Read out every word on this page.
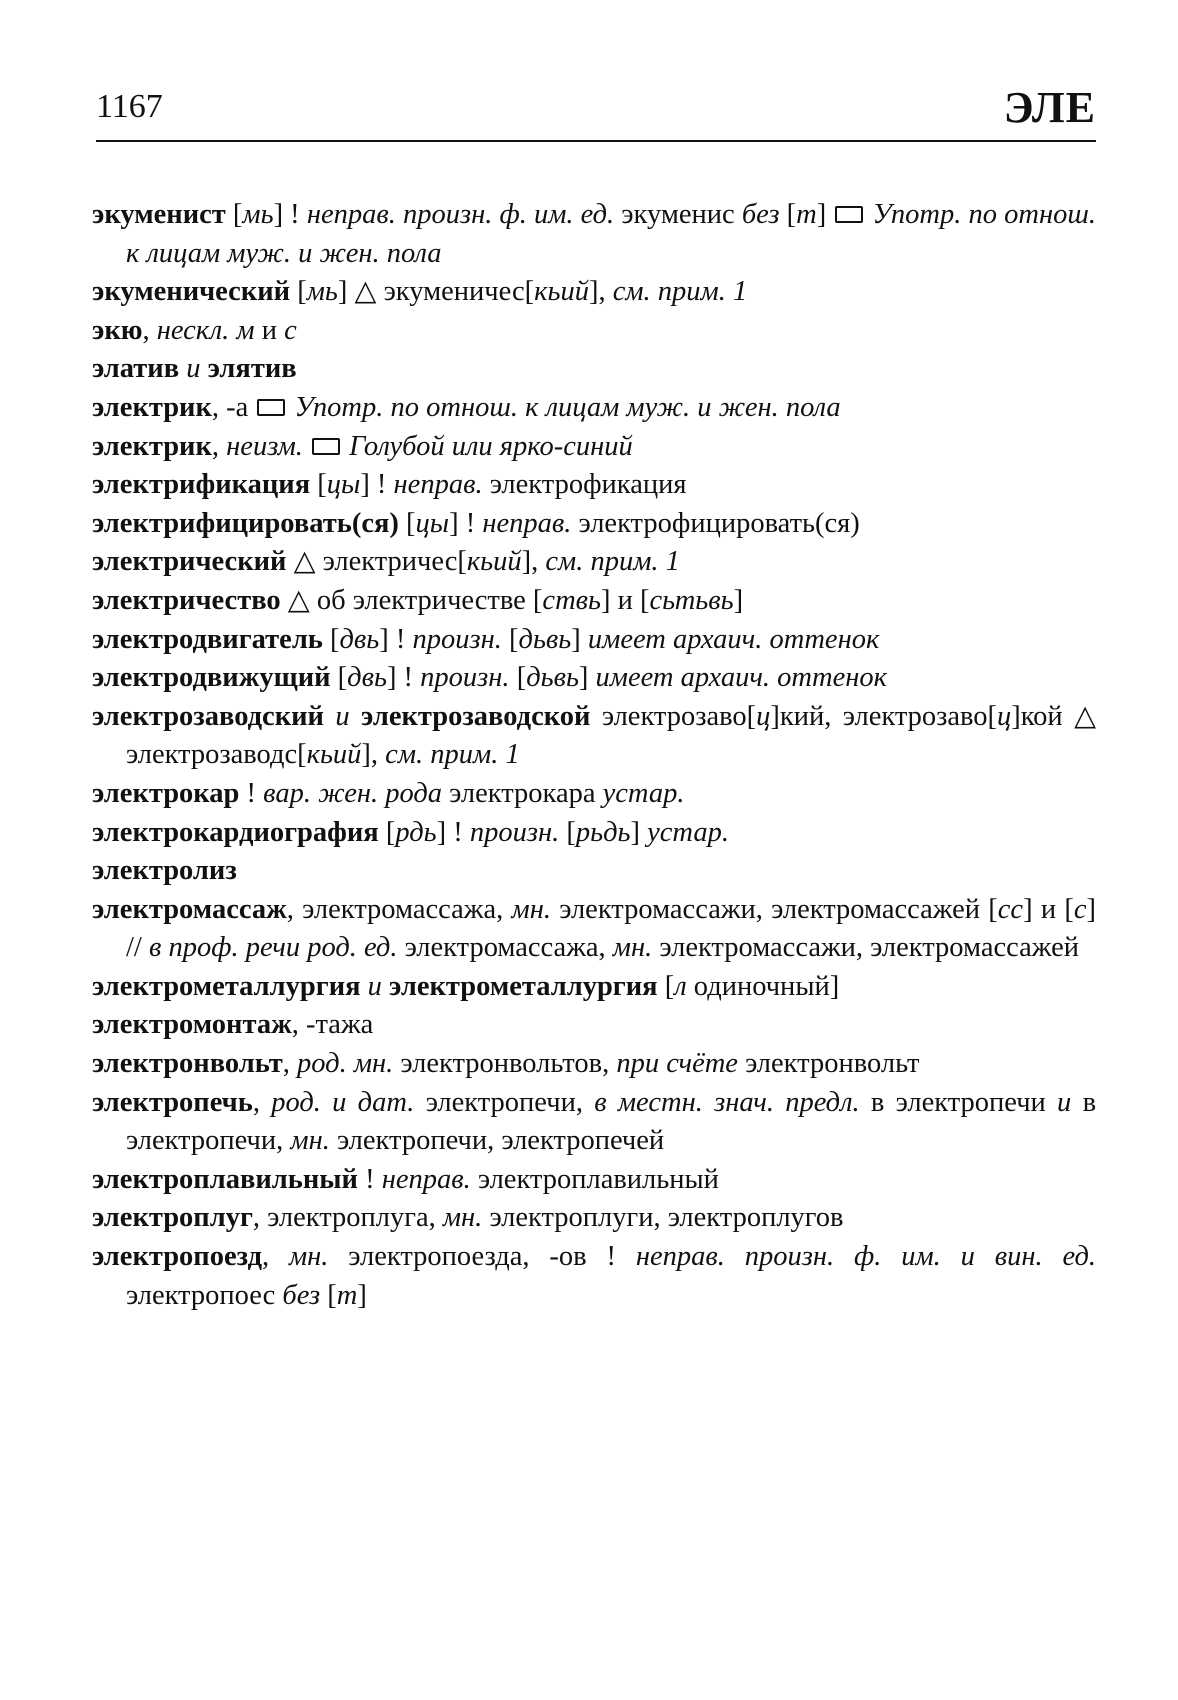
1167	ЭЛЕ
экуменист [мь] ! неправ. произн. ф. им. ед. экуменис без [т]  Употр. по отнош. к лицам муж. и жен. пола
экуменический [мь] △ экуменичес[кьий], см. прим. 1
экю, нескл. м и с
элатив и элятив
электрик, -а  Употр. по отнош. к лицам муж. и жен. пола
электрик, неизм.  Голубой или ярко-синий
электрификация [цы] ! неправ. электрофикация
электрифицировать(ся) [цы] ! неправ. электрофицировать(ся)
электрический △ электричес[кьий], см. прим. 1
электричество △ об электричестве [ствь] и [сьтьвь]
электродвигатель [двь] ! произн. [дьвь] имеет архаич. оттенок
электродвижущий [двь] ! произн. [дьвь] имеет архаич. оттенок
электрозаводский и электрозаводской электрозаво[ц]кий, электрозаво[ц]кой △ электрозаводс[кьий], см. прим. 1
электрокар ! вар. жен. рода электрокара устар.
электрокардиография [рдь] ! произн. [рьдь] устар.
электролиз
электромассаж, электромассажа, мн. электромассажи, электромассажей [сс] и [с] // в проф. речи род. ед. электромассажа, мн. электромассажи, электромассажей
электрометаллургия и электрометаллургия [л одиночный]
электромонтаж, -тажа
электронвольт, род. мн. электронвольтов, при счёте электронвольт
электропечь, род. и дат. электропечи, в местн. знач. предл. в электропечи и в электропечи, мн. электропечи, электропечей
электроплавильный ! неправ. электроплавильный
электроплуг, электроплуга, мн. электроплуги, электроплугов
электропоезд, мн. электропоезда, -ов ! неправ. произн. ф. им. и вин. ед. электропоес без [т]
